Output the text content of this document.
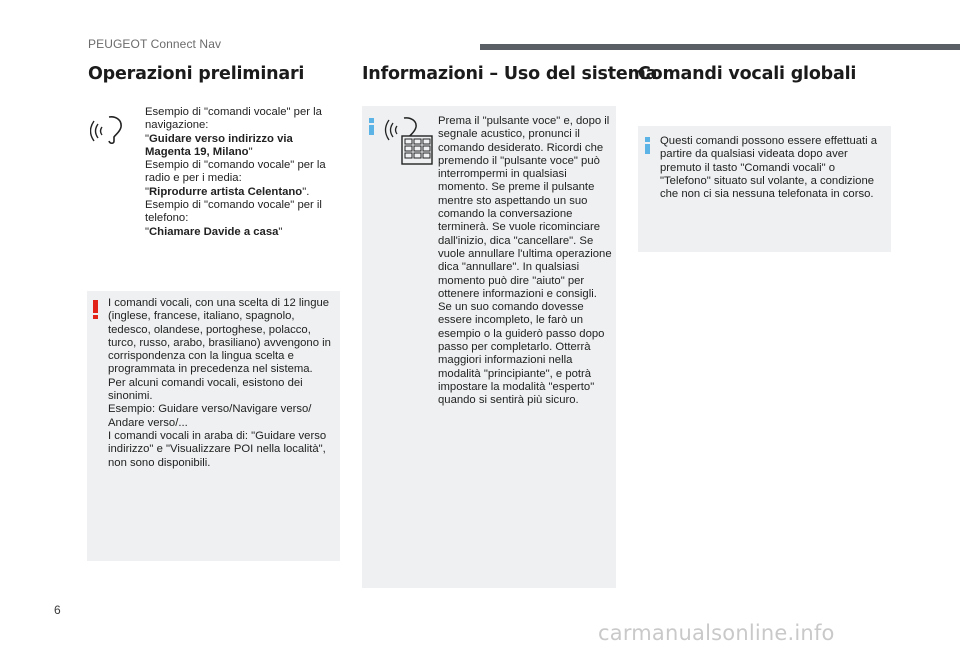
PEUGEOT Connect Nav
Operazioni preliminari

Esempio di "comandi vocale" per la navigazione:

"Guidare verso indirizzo via Magenta 19, Milano"

Esempio di "comando vocale" per la radio e per i media:

"Riprodurre artista Celentano".

Esempio di "comando vocale" per il telefono:

"Chiamare Davide a casa"

I comandi vocali, con una scelta di 12 lingue (inglese, francese, italiano, spagnolo, tedesco, olandese, portoghese, polacco, turco, russo, arabo, brasiliano) avvengono in corrispondenza con la lingua scelta e programmata in precedenza nel sistema.

Per alcuni comandi vocali, esistono dei sinonimi.

Esempio: Guidare verso/Navigare verso/ Andare verso/...

I comandi vocali in araba di: "Guidare verso indirizzo" e "Visualizzare POI nella località", non sono disponibili.

Informazioni – Uso del sistema
Prema il "pulsante voce" e, dopo il segnale acustico, pronunci il comando desiderato. Ricordi che premendo il "pulsante voce" può interrompermi in qualsiasi momento. Se preme il pulsante mentre sto aspettando un suo comando la conversazione terminerà. Se vuole ricominciare dall'inizio, dica "cancellare". Se vuole annullare l'ultima operazione dica "annullare". In qualsiasi momento può dire "aiuto" per ottenere informazioni e consigli. Se un suo comando dovesse essere incompleto, le farò un esempio o la guiderò passo dopo passo per completarlo. Otterrà maggiori informazioni nella modalità "principiante", e potrà impostare la modalità "esperto" quando si sentirà più sicuro.
Comandi vocali globali
Questi comandi possono essere effettuati a partire da qualsiasi videata dopo aver premuto il tasto "Comandi vocali" o "Telefono" situato sul volante, a condizione che non ci sia nessuna telefonata in corso.
6
carmanualsonline.info
